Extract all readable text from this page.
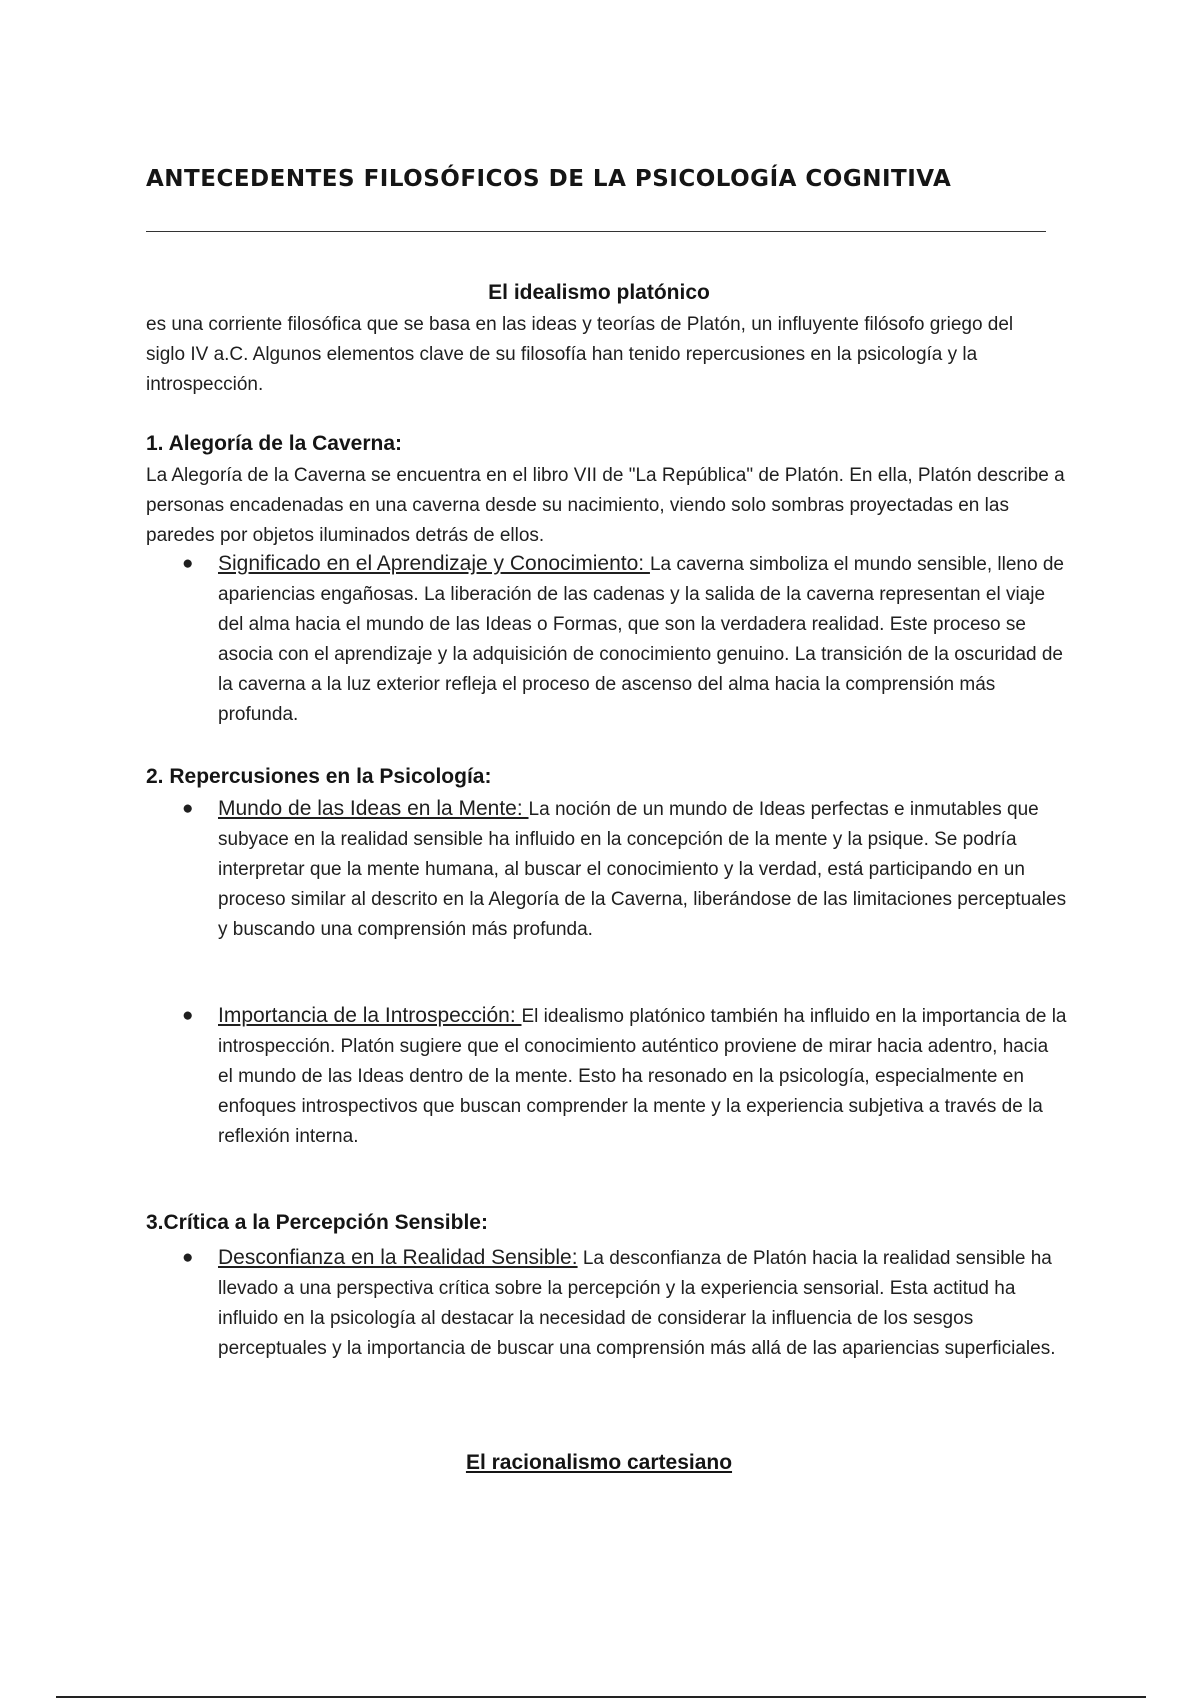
ANTECEDENTES FILOSÓFICOS DE LA PSICOLOGÍA COGNITIVA
El idealismo platónico

es una corriente filosófica que se basa en las ideas y teorías de Platón, un influyente filósofo griego del siglo IV a.C. Algunos elementos clave de su filosofía han tenido repercusiones en la psicología y la introspección.

1. Alegoría de la Caverna:

La Alegoría de la Caverna se encuentra en el libro VII de "La República" de Platón. En ella, Platón describe a personas encadenadas en una caverna desde su nacimiento, viendo solo sombras proyectadas en las paredes por objetos iluminados detrás de ellos.

● Significado en el Aprendizaje y Conocimiento: La caverna simboliza el mundo sensible, lleno de apariencias engañosas. La liberación de las cadenas y la salida de la caverna representan el viaje del alma hacia el mundo de las Ideas o Formas, que son la verdadera realidad. Este proceso se asocia con el aprendizaje y la adquisición de conocimiento genuino. La transición de la oscuridad de la caverna a la luz exterior refleja el proceso de ascenso del alma hacia la comprensión más profunda.
2. Repercusiones en la Psicología:
● Mundo de las Ideas en la Mente: La noción de un mundo de Ideas perfectas e inmutables que subyace en la realidad sensible ha influido en la concepción de la mente y la psique. Se podría interpretar que la mente humana, al buscar el conocimiento y la verdad, está participando en un proceso similar al descrito en la Alegoría de la Caverna, liberándose de las limitaciones perceptuales y buscando una comprensión más profunda.
● Importancia de la Introspección: El idealismo platónico también ha influido en la importancia de la introspección. Platón sugiere que el conocimiento auténtico proviene de mirar hacia adentro, hacia el mundo de las Ideas dentro de la mente. Esto ha resonado en la psicología, especialmente en enfoques introspectivos que buscan comprender la mente y la experiencia subjetiva a través de la reflexión interna.
3.Crítica a la Percepción Sensible:
● Desconfianza en la Realidad Sensible: La desconfianza de Platón hacia la realidad sensible ha llevado a una perspectiva crítica sobre la percepción y la experiencia sensorial. Esta actitud ha influido en la psicología al destacar la necesidad de considerar la influencia de los sesgos perceptuales y la importancia de buscar una comprensión más allá de las apariencias superficiales.
El racionalismo cartesiano
